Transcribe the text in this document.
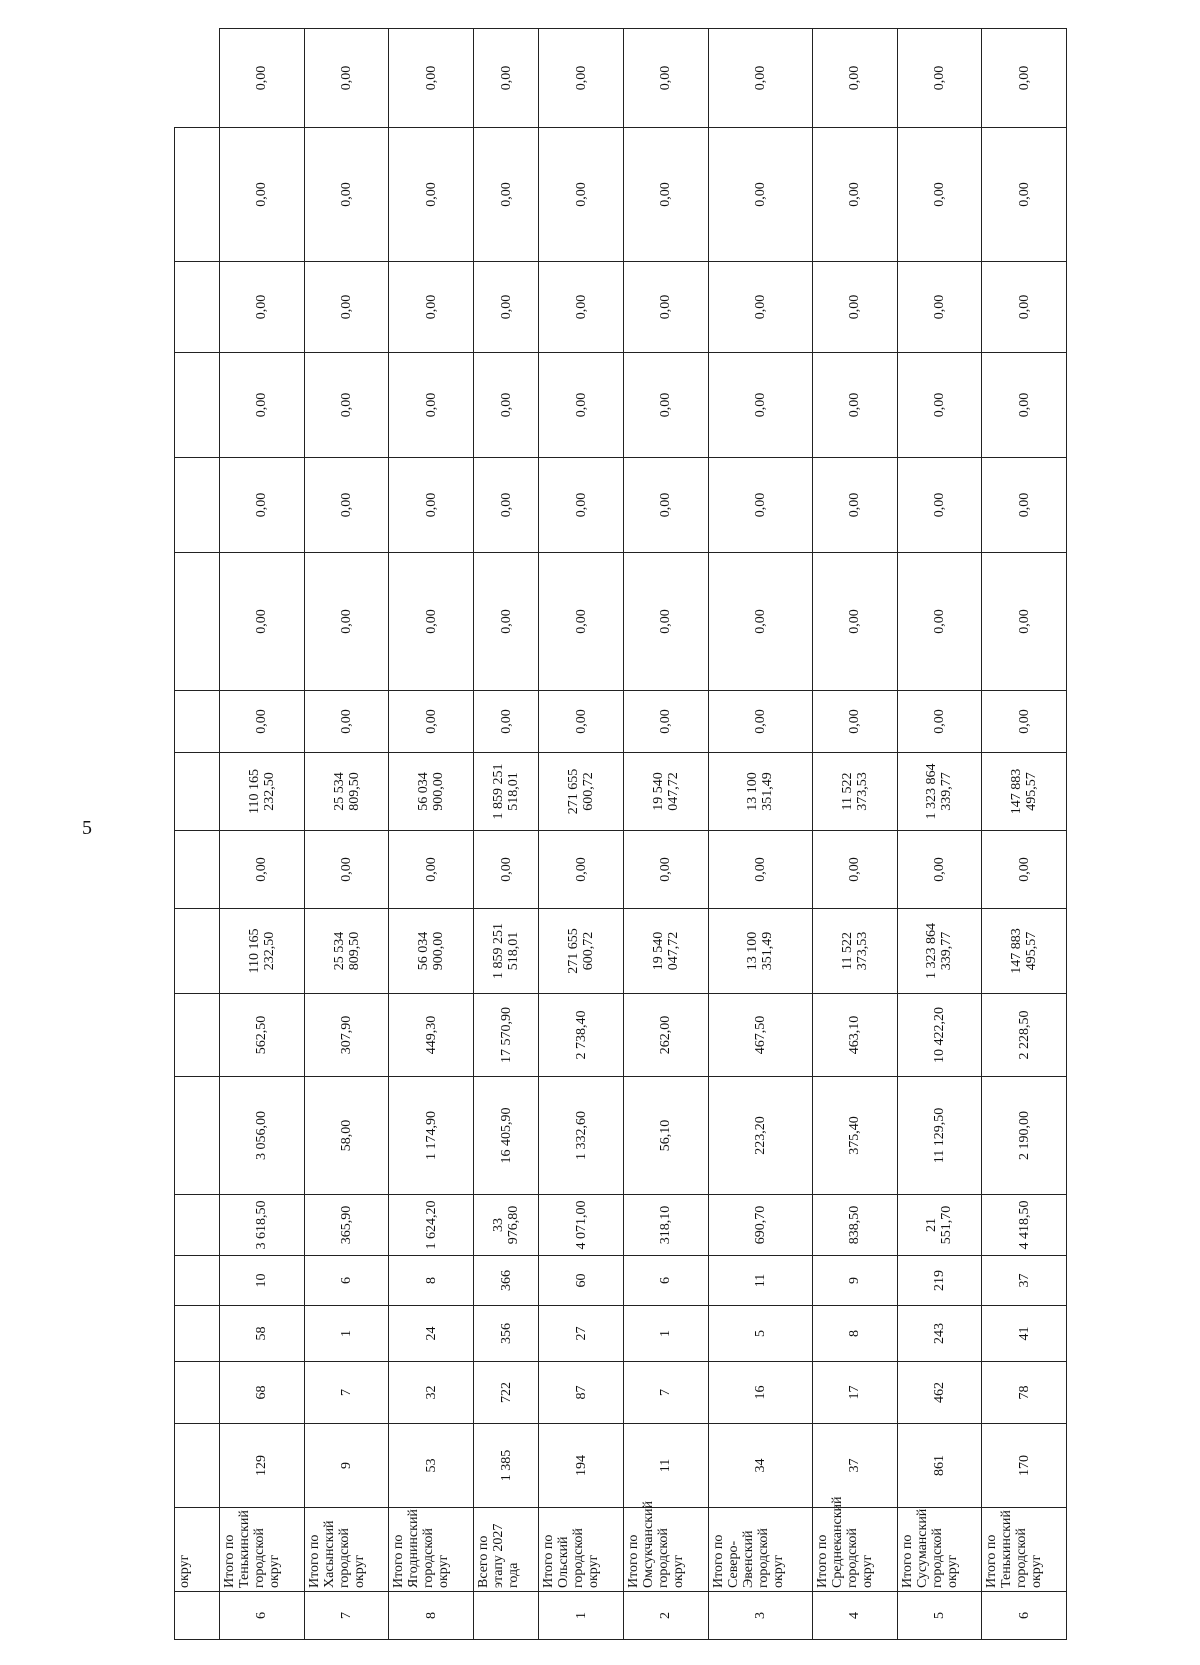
5
	округ																	
6	Итого по Тенькинский городской округ	129	68	58	10	3 618,50	3 056,00	562,50	110 165 232,50	0,00	110 165 232,50	0,00	0,00	0,00	0,00	0,00	0,00	0,00
7	Итого по Хасынский городской округ	9	7	1	6	365,90	58,00	307,90	25 534 809,50	0,00	25 534 809,50	0,00	0,00	0,00	0,00	0,00	0,00	0,00
8	Итого по Ягоднинский городской округ	53	32	24	8	1 624,20	1 174,90	449,30	56 034 900,00	0,00	56 034 900,00	0,00	0,00	0,00	0,00	0,00	0,00	0,00
	Всего по этапу 2027 года	1 385	722	356	366	33 976,80	16 405,90	17 570,90	1 859 251 518,01	0,00	1 859 251 518,01	0,00	0,00	0,00	0,00	0,00	0,00	0,00
1	Итого по Ольский городской округ	194	87	27	60	4 071,00	1 332,60	2 738,40	271 655 600,72	0,00	271 655 600,72	0,00	0,00	0,00	0,00	0,00	0,00	0,00
2	Итого по Омсукчанский городской округ	11	7	1	6	318,10	56,10	262,00	19 540 047,72	0,00	19 540 047,72	0,00	0,00	0,00	0,00	0,00	0,00	0,00
3	Итого по Северо-Эвенский городской округ	34	16	5	11	690,70	223,20	467,50	13 100 351,49	0,00	13 100 351,49	0,00	0,00	0,00	0,00	0,00	0,00	0,00
4	Итого по Среднеканский городской округ	37	17	8	9	838,50	375,40	463,10	11 522 373,53	0,00	11 522 373,53	0,00	0,00	0,00	0,00	0,00	0,00	0,00
5	Итого по Сусуманский городской округ	861	462	243	219	21 551,70	11 129,50	10 422,20	1 323 864 339,77	0,00	1 323 864 339,77	0,00	0,00	0,00	0,00	0,00	0,00	0,00
6	Итого по Тенькинский городской округ	170	78	41	37	4 418,50	2 190,00	2 228,50	147 883 495,57	0,00	147 883 495,57	0,00	0,00	0,00	0,00	0,00	0,00	0,00
